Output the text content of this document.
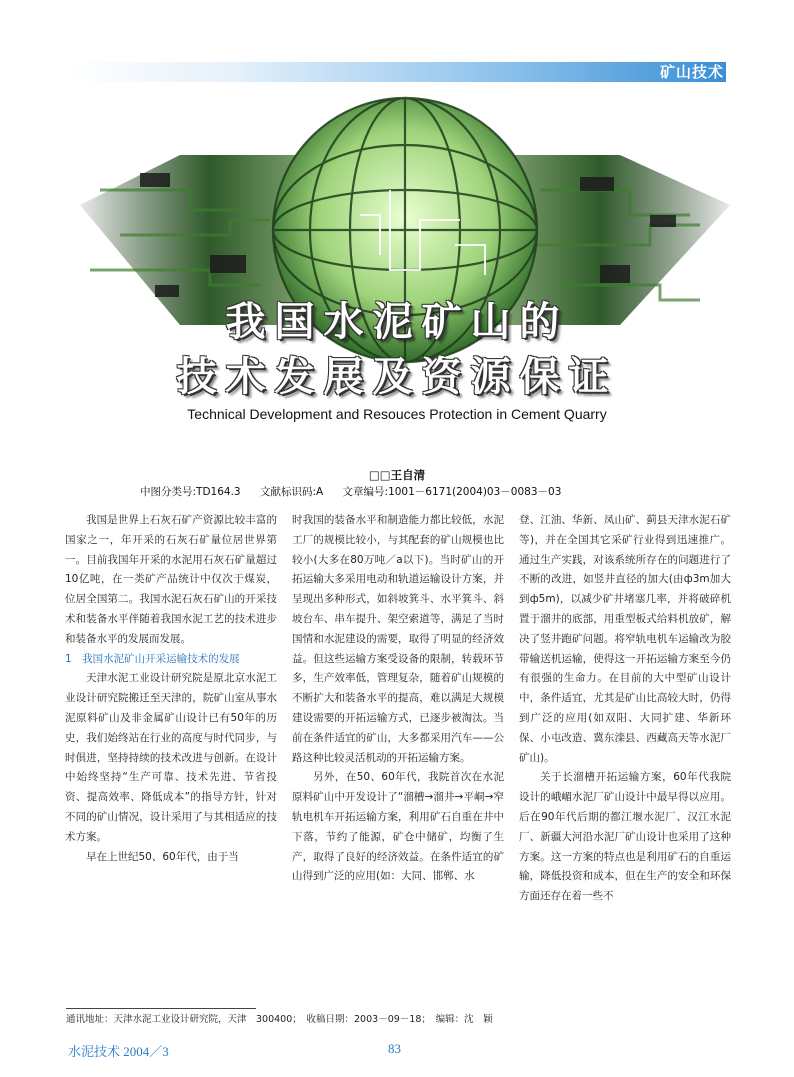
矿山技术
我国水泥矿山的
技术发展及资源保证
Technical Development and Resouces Protection in Cement Quarry
□□王自清
中图分类号:TD164.3 文献标识码:A 文章编号:1001－6171(2004)03－0083－03

我国是世界上石灰石矿产资源比较丰富的国家之一，年开采的石灰石矿量位居世界第一。目前我国年开采的水泥用石灰石矿量超过10亿吨，在一类矿产品统计中仅次于煤炭，位居全国第二。我国水泥石灰石矿山的开采技术和装备水平伴随着我国水泥工艺的技术进步和装备水平的发展而发展。

1　我国水泥矿山开采运输技术的发展

天津水泥工业设计研究院是原北京水泥工业设计研究院搬迁至天津的，院矿山室从事水泥原料矿山及非金属矿山设计已有50年的历史，我们始终站在行业的高度与时代同步，与时俱进，坚持持续的技术改进与创新。在设计中始终坚持“生产可靠、技术先进、节省投资、提高效率、降低成本”的指导方针，针对不同的矿山情况，设计采用了与其相适应的技术方案。

早在上世纪50、60年代，由于当

时我国的装备水平和制造能力都比较低，水泥工厂的规模比较小，与其配套的矿山规模也比较小(大多在80万吨／a以下)。当时矿山的开拓运输大多采用电动和轨道运输设计方案，并呈现出多种形式，如斜坡箕斗、水平箕斗、斜坡台车、串车提升、架空索道等，满足了当时国情和水泥建设的需要，取得了明显的经济效益。但这些运输方案受设备的限制，转载环节多，生产效率低，管理复杂，随着矿山规模的不断扩大和装备水平的提高，难以满足大规模建设需要的开拓运输方式，已逐步被淘汰。当前在条件适宜的矿山，大多都采用汽车——公路这种比较灵活机动的开拓运输方案。

另外，在50、60年代，我院首次在水泥原料矿山中开发设计了“溜槽→溜井→平峒→窄轨电机车开拓运输方案，利用矿石自重在井中下落，节约了能源，矿仓中储矿，均衡了生产，取得了良好的经济效益。在条件适宜的矿山得到广泛的应用(如：大同、邯郸、水

登、江油、华新、凤山矿、蓟县天津水泥石矿等)，并在全国其它采矿行业得到迅速推广。通过生产实践，对该系统所存在的问题进行了不断的改进，如竖井直径的加大(由ф3m加大到ф5m)，以减少矿井堵塞几率，并将破碎机置于溜井的底部，用重型板式给料机放矿，解决了竖井跑矿问题。将窄轨电机车运输改为胶带输送机运输，使得这一开拓运输方案至今仍有很强的生命力。在目前的大中型矿山设计中，条件适宜，尤其是矿山比高较大时，仍得到广泛的应用(如双阳、大同扩建、华新环保、小屯改造、冀东滦县、西藏高天等水泥厂矿山)。

关于长溜槽开拓运输方案，60年代我院设计的峨嵋水泥厂矿山设计中最早得以应用。后在90年代后期的都江堰水泥厂、汉江水泥厂、新疆大河沿水泥厂矿山设计也采用了这种方案。这一方案的特点也是利用矿石的自重运输，降低投资和成本，但在生产的安全和环保方面还存在着一些不

通讯地址：天津水泥工业设计研究院，天津　300400；　收稿日期：2003－09－18；　编辑：沈　颖
水泥技术 2004／3	83
